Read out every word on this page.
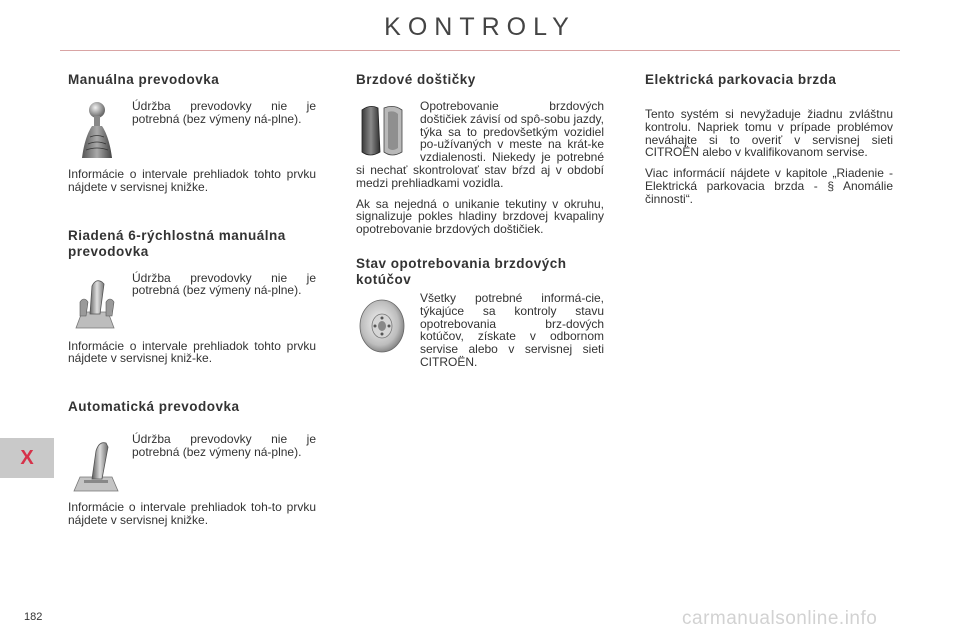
KONTROLY
Manuálna prevodovka

Údržba prevodovky nie je potrebná (bez výmeny ná-plne).

Informácie o intervale prehliadok tohto prvku nájdete v servisnej knižke.

Riadená 6-rýchlostná manuálna prevodovka

Údržba prevodovky nie je potrebná (bez výmeny ná-plne).

Informácie o intervale prehliadok tohto prvku nájdete v servisnej kniž-ke.

Automatická prevodovka

Údržba prevodovky nie je potrebná (bez výmeny ná-plne).

Informácie o intervale prehliadok toh-to prvku nájdete v servisnej knižke.

Brzdové doštičky

Opotrebovanie brzdových doštičiek závisí od spô-sobu jazdy, týka sa to predovšetkým vozidiel po-užívaných v meste na krát-ke vzdialenosti. Niekedy je potrebné si nechať skontrolovať stav bŕzd aj v období medzi prehliadkami vozidla.

Ak sa nejedná o unikanie tekutiny v okruhu, signalizuje pokles hladiny brzdovej kvapaliny opotrebovanie brzdových doštičiek.

Stav opotrebovania brzdových kotúčov

Všetky potrebné informá-cie, týkajúce sa kontroly stavu opotrebovania brz-dových kotúčov, získate v odbornom servise alebo v servisnej sieti CITROËN.

Elektrická parkovacia brzda

Tento systém si nevyžaduje žiadnu zvláštnu kontrolu. Napriek tomu v prípade problémov neváhajte si to overiť v servisnej sieti CITROËN alebo v kvalifikovanom servise.

Viac informácií nájdete v kapitole „Riadenie - Elektrická parkovacia brzda - § Anomálie činnosti“.

X
182	carmanualsonline.info
